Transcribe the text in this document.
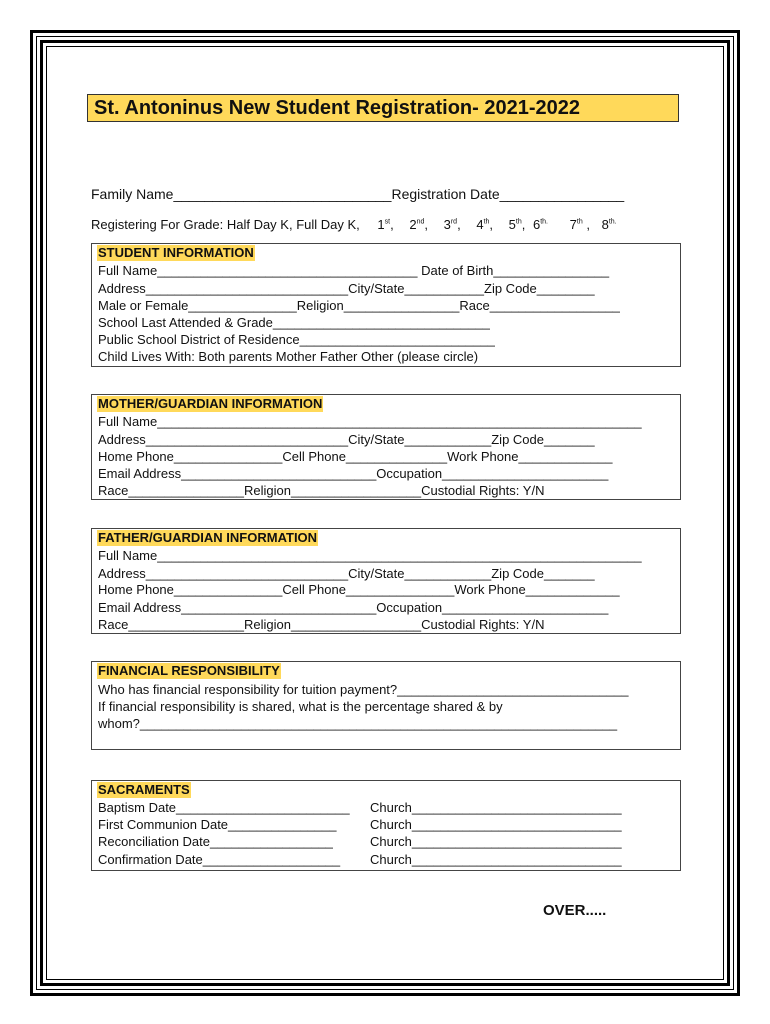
St. Antoninus New Student Registration- 2021-2022
Family Name____________________________Registration Date________________
Registering For Grade: Half Day K, Full Day K, 1st, 2nd, 3rd, 4th, 5th, $6^{th.}$ 7th , $8^{th.}$
STUDENT INFORMATION
Full Name____________________________________ Date of Birth________________
Address____________________________City/State___________Zip Code________
Male or Female_______________Religion________________Race__________________
School Last Attended & Grade______________________________
Public School District of Residence___________________________
Child Lives With: Both parents Mother Father Other (please circle)
MOTHER/GUARDIAN INFORMATION
Full Name___________________________________________________________________
Address____________________________City/State____________Zip Code_______
Home Phone_______________Cell Phone______________Work Phone_____________
Email Address___________________________Occupation_______________________
Race________________Religion__________________Custodial Rights: Y/N
FATHER/GUARDIAN INFORMATION
Full Name___________________________________________________________________
Address____________________________City/State____________Zip Code_______
Home Phone_______________Cell Phone_______________Work Phone_____________
Email Address___________________________Occupation_______________________
Race________________Religion__________________Custodial Rights: Y/N
FINANCIAL RESPONSIBILITY
Who has financial responsibility for tuition payment?________________________________
If financial responsibility is shared, what is the percentage shared & by
whom?__________________________________________________________________
SACRAMENTS
Baptism Date________________________ Church_____________________________
First Communion Date_______________	Church_____________________________
Reconciliation Date_________________	Church_____________________________
Confirmation Date___________________ Church_____________________________
OVER.....
